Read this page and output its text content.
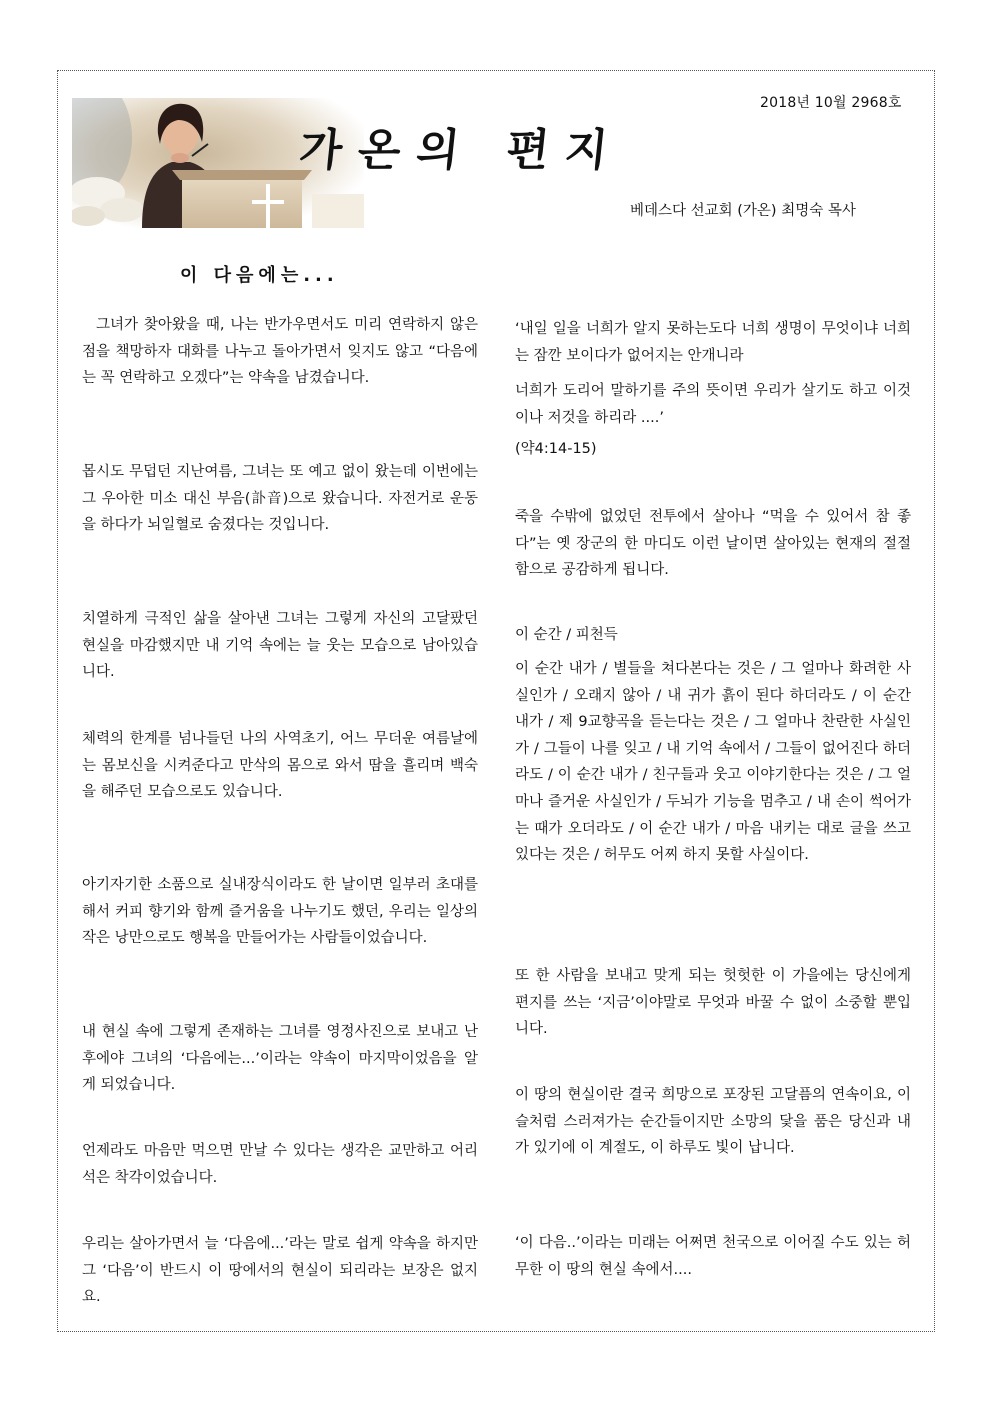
2018년 10월 2968호
가온의 편지
베데스다 선교회 (가온) 최명숙 목사
이 다음에는...

그녀가 찾아왔을 때, 나는 반가우면서도 미리 연락하지 않은 점을 책망하자 대화를 나누고 돌아가면서 잊지도 않고 “다음에는 꼭 연락하고 오겠다”는 약속을 남겼습니다.

몹시도 무덥던 지난여름, 그녀는 또 예고 없이 왔는데 이번에는 그 우아한 미소 대신 부음(訃音)으로 왔습니다. 자전거로 운동을 하다가 뇌일혈로 숨졌다는 것입니다.

치열하게 극적인 삶을 살아낸 그녀는 그렇게 자신의 고달팠던 현실을 마감했지만 내 기억 속에는 늘 웃는 모습으로 남아있습니다.

체력의 한계를 넘나들던 나의 사역초기, 어느 무더운 여름날에는 몸보신을 시켜준다고 만삭의 몸으로 와서 땀을 흘리며 백숙을 해주던 모습으로도 있습니다.

아기자기한 소품으로 실내장식이라도 한 날이면 일부러 초대를 해서 커피 향기와 함께 즐거움을 나누기도 했던, 우리는 일상의 작은 낭만으로도 행복을 만들어가는 사람들이었습니다.

내 현실 속에 그렇게 존재하는 그녀를 영정사진으로 보내고 난 후에야 그녀의 ‘다음에는...’이라는 약속이 마지막이었음을 알게 되었습니다.

언제라도 마음만 먹으면 만날 수 있다는 생각은 교만하고 어리석은 착각이었습니다.

우리는 살아가면서 늘 ‘다음에...’라는 말로 쉽게 약속을 하지만 그 ‘다음’이 반드시 이 땅에서의 현실이 되리라는 보장은 없지요.

‘내일 일을 너희가 알지 못하는도다 너희 생명이 무엇이냐 너희는 잠깐 보이다가 없어지는 안개니라

너희가 도리어 말하기를 주의 뜻이면 우리가 살기도 하고 이것이나 저것을 하리라 ....’

(약4:14-15)

죽을 수밖에 없었던 전투에서 살아나 “먹을 수 있어서 참 좋다”는 옛 장군의 한 마디도 이런 날이면 살아있는 현재의 절절함으로 공감하게 됩니다.

이 순간 / 피천득

이 순간 내가 / 별들을 쳐다본다는 것은 / 그 얼마나 화려한 사실인가 / 오래지 않아 / 내 귀가 흙이 된다 하더라도 / 이 순간 내가 / 제 9교향곡을 듣는다는 것은 / 그 얼마나 찬란한 사실인가 / 그들이 나를 잊고 / 내 기억 속에서 / 그들이 없어진다 하더라도 / 이 순간 내가 / 친구들과 웃고 이야기한다는 것은 / 그 얼마나 즐거운 사실인가 / 두뇌가 기능을 멈추고 / 내 손이 썩어가는 때가 오더라도 / 이 순간 내가 / 마음 내키는 대로 글을 쓰고 있다는 것은 / 허무도 어찌 하지 못할 사실이다.

또 한 사람을 보내고 맞게 되는 헛헛한 이 가을에는 당신에게 편지를 쓰는 ‘지금’이야말로 무엇과 바꿀 수 없이 소중할 뿐입니다.

이 땅의 현실이란 결국 희망으로 포장된 고달픔의 연속이요, 이슬처럼 스러져가는 순간들이지만 소망의 닻을 품은 당신과 내가 있기에 이 계절도, 이 하루도 빛이 납니다.

‘이 다음..’이라는 미래는 어쩌면 천국으로 이어질 수도 있는 허무한 이 땅의 현실 속에서....
